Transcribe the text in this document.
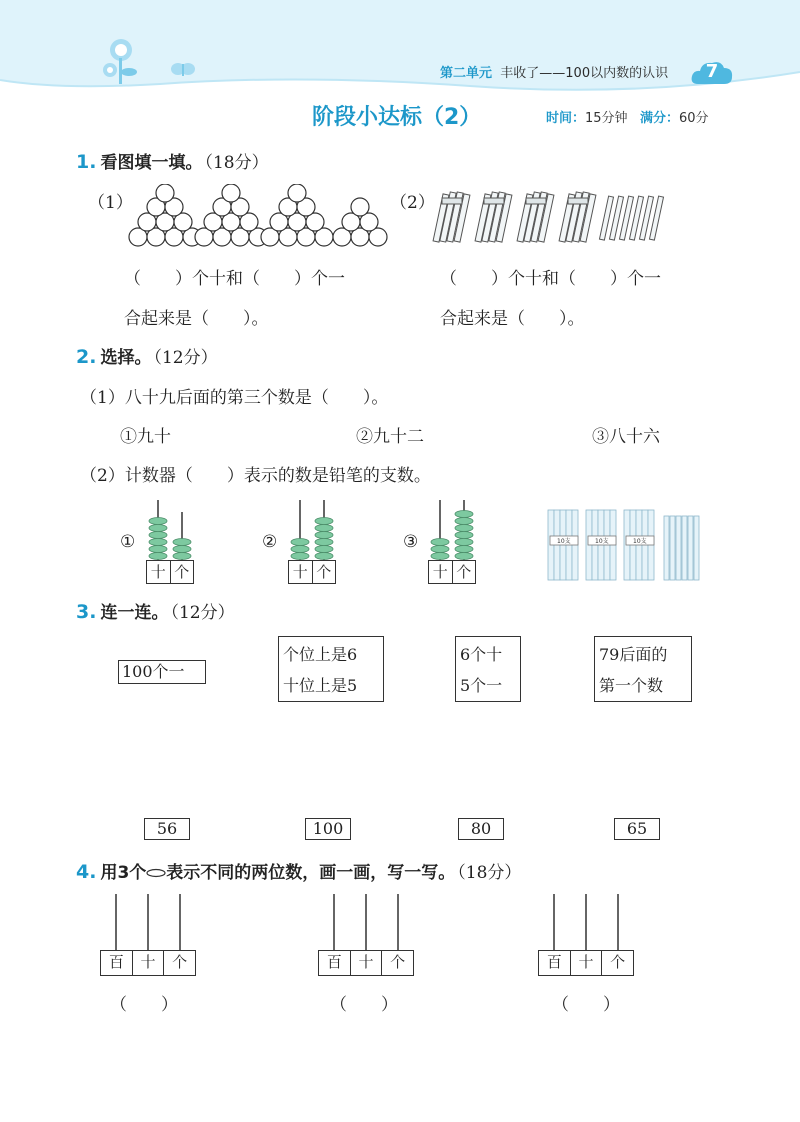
第二单元 丰收了——100以内数的认识	7
阶段小达标（2）	时间：15分钟 满分：60分
1. 看图填一填。 （18分）
（1）	（2）
（　　）个十和（　　）个一
合起来是（　　）。
（　　）个十和（　　）个一
合起来是（　　）。
2. 选择。 （12分）
（1）八十九后面的第三个数是（　　）。
①九十	②九十二	③八十六
（2）计数器（　　）表示的数是铅笔的支数。
①
十 个
②
十 个
③
十 个
10支	10支	10支
3. 连一连。 （12分）
100个一
个位上是6
十位上是5
6个十
5个一
79后面的
第一个数
56	100	80	65
4. 用3个 表示不同的两位数，画一画，写一写。 （18分）
百	十	个
（　　）
百	十	个
（　　）
百	十	个
（　　）
